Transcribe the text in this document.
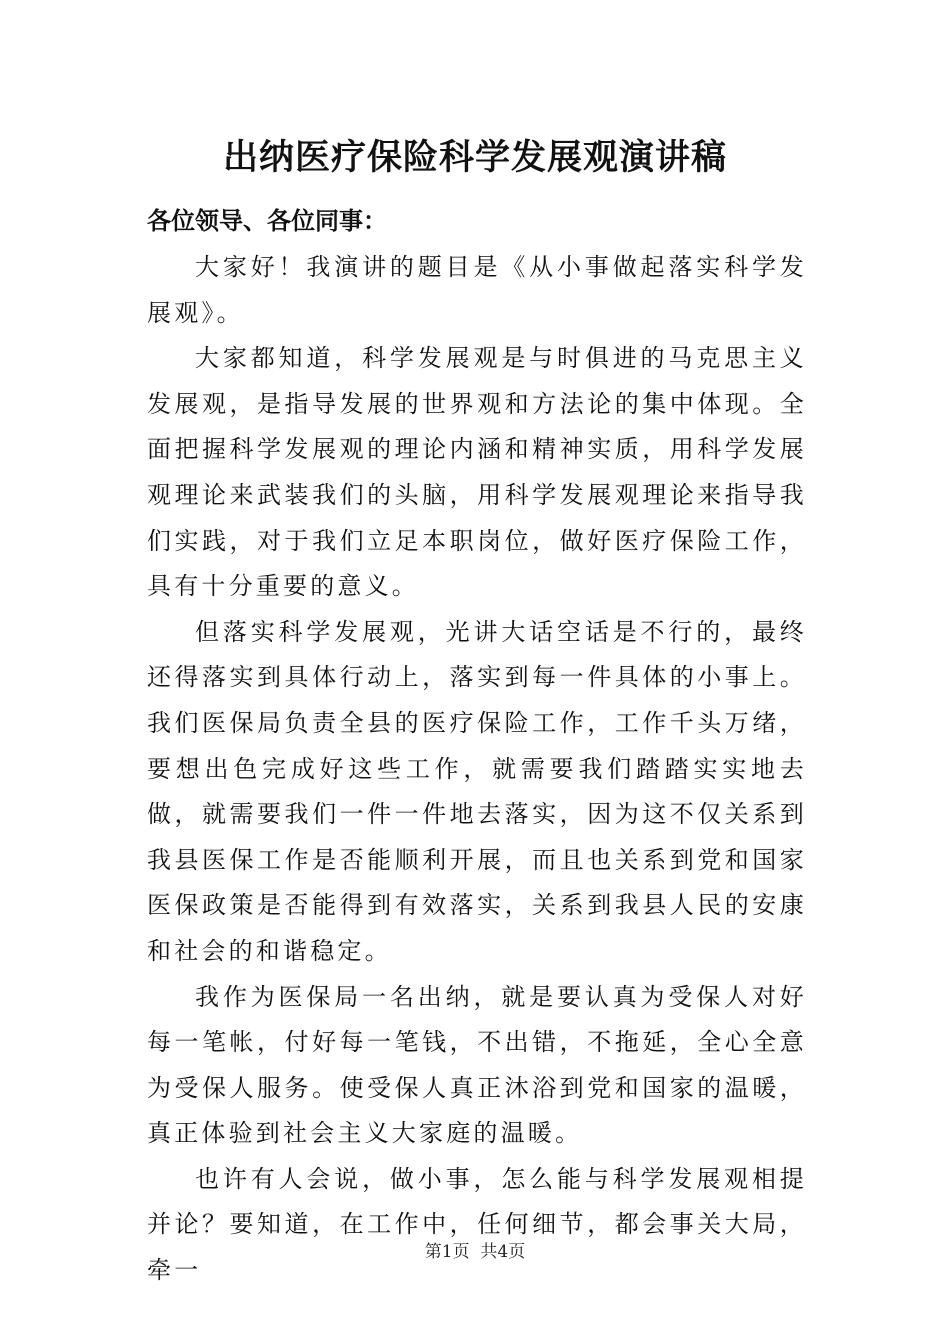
出纳医疗保险科学发展观演讲稿

各位领导、各位同事：

大家好！我演讲的题目是《从小事做起落实科学发展观》。

大家都知道，科学发展观是与时俱进的马克思主义发展观，是指导发展的世界观和方法论的集中体现。全面把握科学发展观的理论内涵和精神实质，用科学发展观理论来武装我们的头脑，用科学发展观理论来指导我们实践，对于我们立足本职岗位，做好医疗保险工作，具有十分重要的意义。

但落实科学发展观，光讲大话空话是不行的，最终还得落实到具体行动上，落实到每一件具体的小事上。我们医保局负责全县的医疗保险工作，工作千头万绪，要想出色完成好这些工作，就需要我们踏踏实实地去做，就需要我们一件一件地去落实，因为这不仅关系到我县医保工作是否能顺利开展，而且也关系到党和国家医保政策是否能得到有效落实，关系到我县人民的安康和社会的和谐稳定。

我作为医保局一名出纳，就是要认真为受保人对好每一笔帐，付好每一笔钱，不出错，不拖延，全心全意为受保人服务。使受保人真正沐浴到党和国家的温暖，真正体验到社会主义大家庭的温暖。

也许有人会说，做小事，怎么能与科学发展观相提并论？要知道，在工作中，任何细节，都会事关大局，牵一

第1页 共4页
